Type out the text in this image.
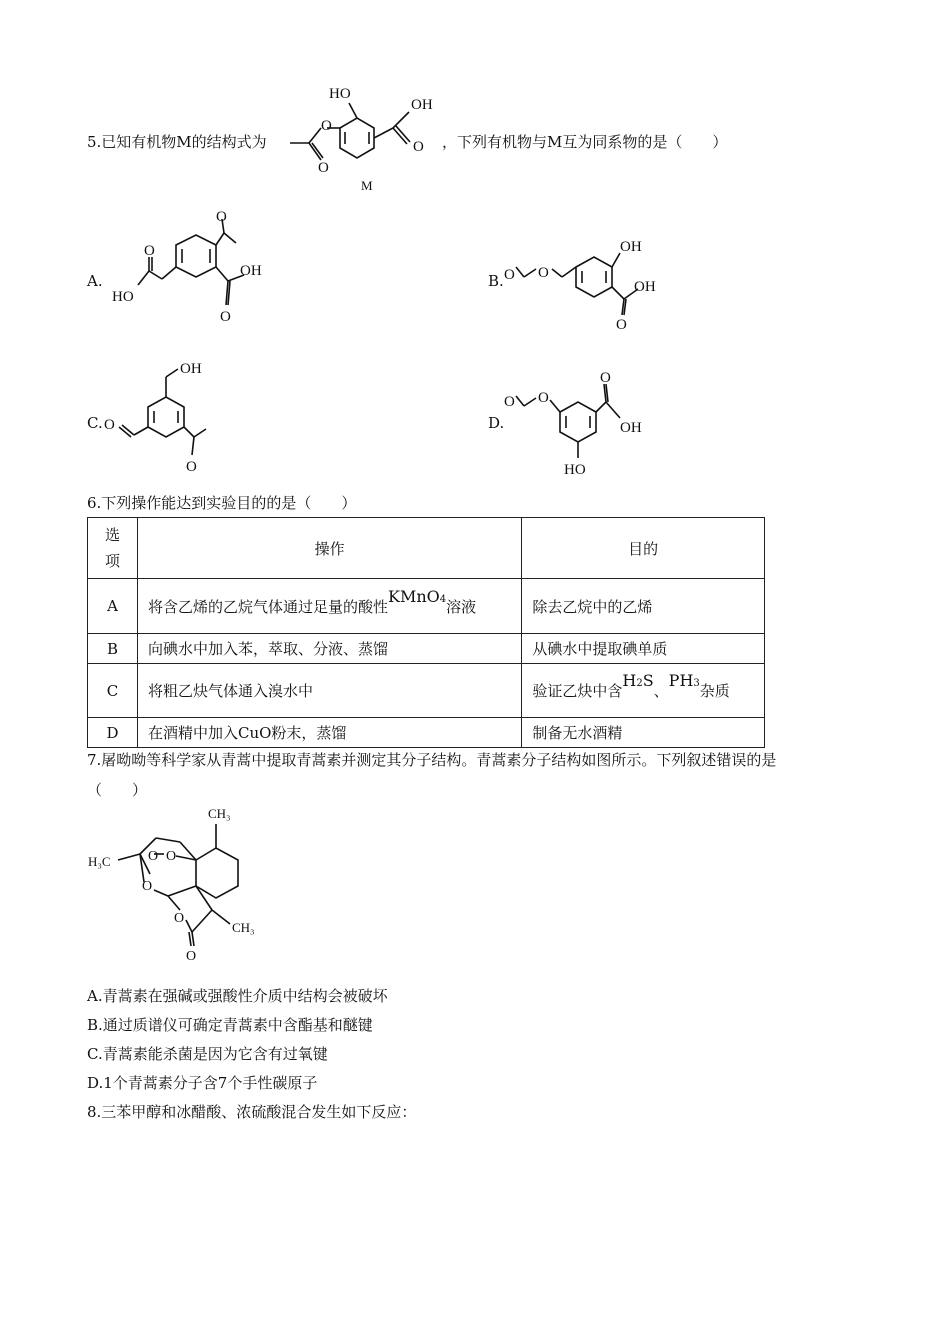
5.已知有机物M的结构式为
O
O
HO
OH
O
M
，下列有机物与M互为同系物的是（　　）
A.
O
OH
HO
O
O
B. O O
OH
OH
O
C. O
OH
O
D.
O O
O
OH
HO
6.下列操作能达到实验目的的是（　　）
选
项	操作	目的
A	将含乙烯的乙烷气体通过足量的酸性KMnO4溶液	除去乙烷中的乙烯
B	向碘水中加入苯，萃取、分液、蒸馏	从碘水中提取碘单质
C	将粗乙炔气体通入溴水中	验证乙炔中含H2S、PH3杂质
D	在酒精中加入CuO粉末，蒸馏	制备无水酒精
7.屠呦呦等科学家从青蒿中提取青蒿素并测定其分子结构。青蒿素分子结构如图所示。下列叙述错误的是
（　　）
CH₃
H₃C
CH₃
O O
O
O
O
A.青蒿素在强碱或强酸性介质中结构会被破坏
B.通过质谱仪可确定青蒿素中含酯基和醚键
C.青蒿素能杀菌是因为它含有过氧键
D.1个青蒿素分子含7个手性碳原子
8.三苯甲醇和冰醋酸、浓硫酸混合发生如下反应：
